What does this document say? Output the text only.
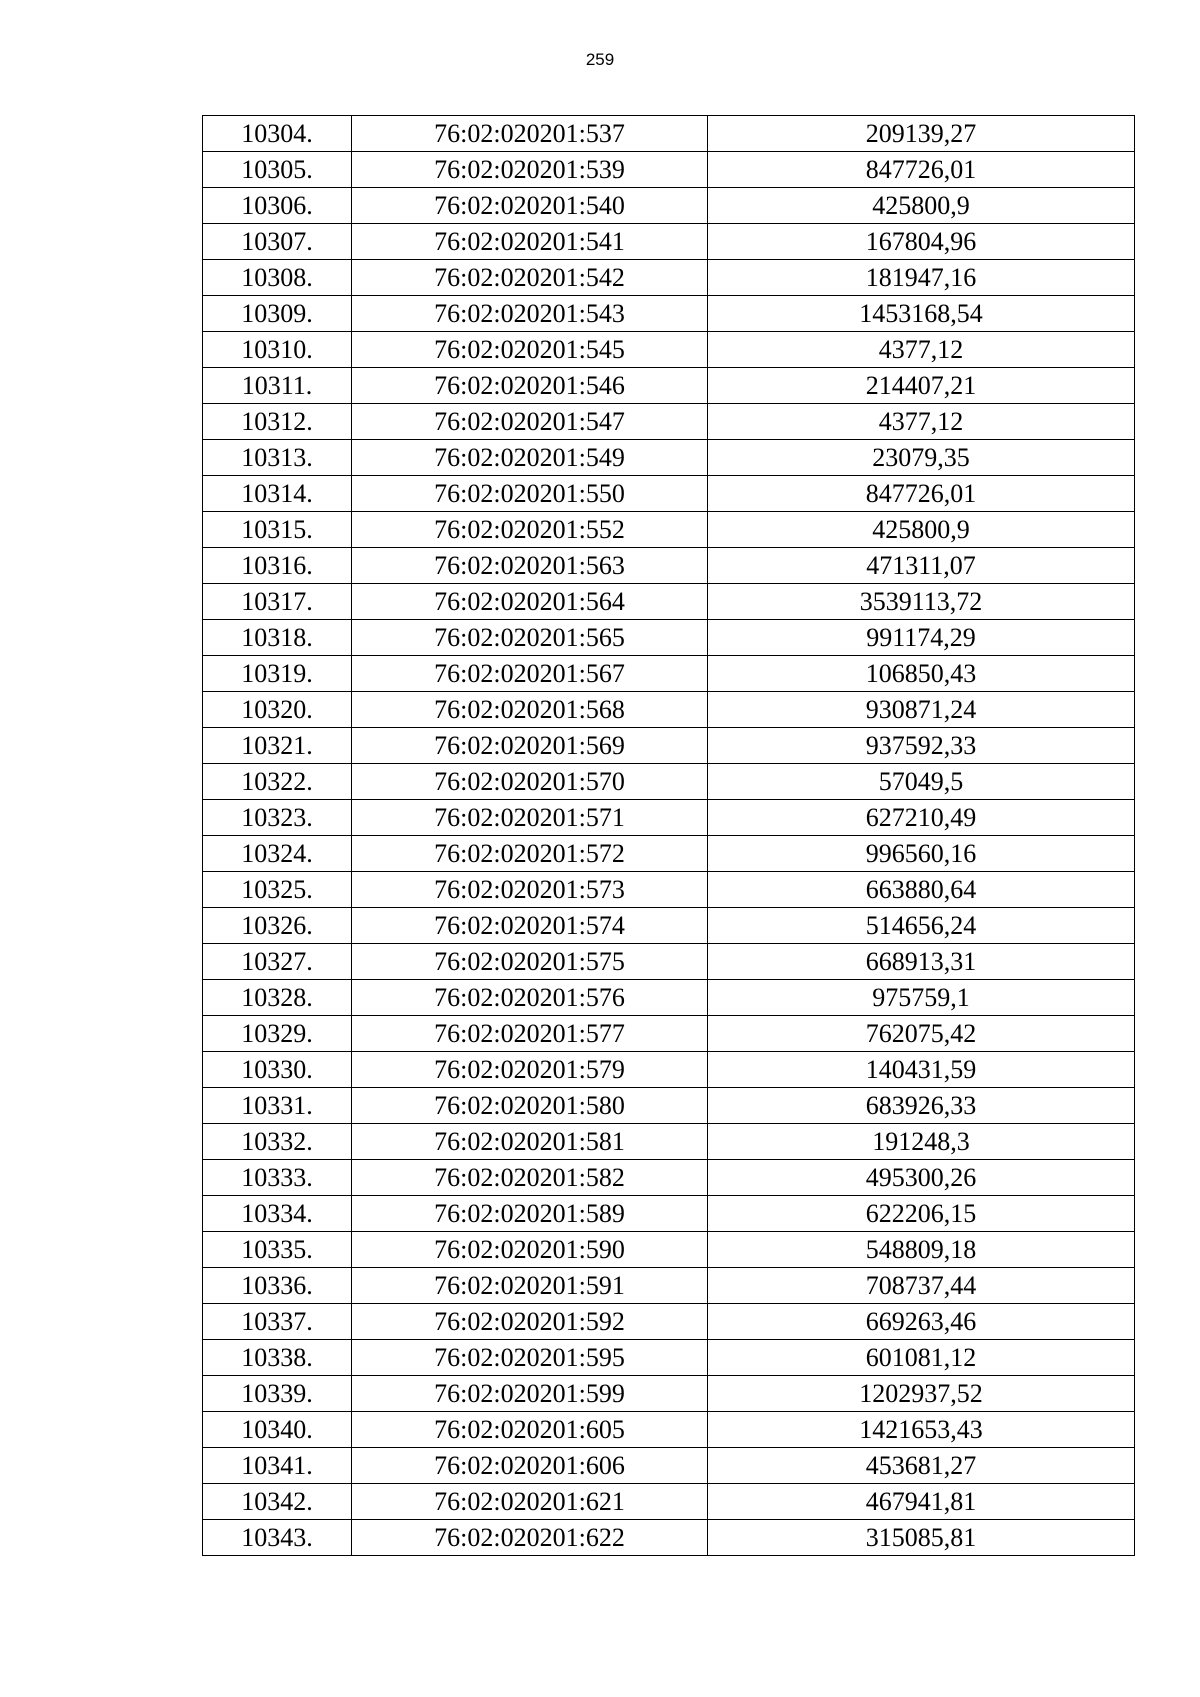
259
10304.	76:02:020201:537	209139,27
10305.	76:02:020201:539	847726,01
10306.	76:02:020201:540	425800,9
10307.	76:02:020201:541	167804,96
10308.	76:02:020201:542	181947,16
10309.	76:02:020201:543	1453168,54
10310.	76:02:020201:545	4377,12
10311.	76:02:020201:546	214407,21
10312.	76:02:020201:547	4377,12
10313.	76:02:020201:549	23079,35
10314.	76:02:020201:550	847726,01
10315.	76:02:020201:552	425800,9
10316.	76:02:020201:563	471311,07
10317.	76:02:020201:564	3539113,72
10318.	76:02:020201:565	991174,29
10319.	76:02:020201:567	106850,43
10320.	76:02:020201:568	930871,24
10321.	76:02:020201:569	937592,33
10322.	76:02:020201:570	57049,5
10323.	76:02:020201:571	627210,49
10324.	76:02:020201:572	996560,16
10325.	76:02:020201:573	663880,64
10326.	76:02:020201:574	514656,24
10327.	76:02:020201:575	668913,31
10328.	76:02:020201:576	975759,1
10329.	76:02:020201:577	762075,42
10330.	76:02:020201:579	140431,59
10331.	76:02:020201:580	683926,33
10332.	76:02:020201:581	191248,3
10333.	76:02:020201:582	495300,26
10334.	76:02:020201:589	622206,15
10335.	76:02:020201:590	548809,18
10336.	76:02:020201:591	708737,44
10337.	76:02:020201:592	669263,46
10338.	76:02:020201:595	601081,12
10339.	76:02:020201:599	1202937,52
10340.	76:02:020201:605	1421653,43
10341.	76:02:020201:606	453681,27
10342.	76:02:020201:621	467941,81
10343.	76:02:020201:622	315085,81
